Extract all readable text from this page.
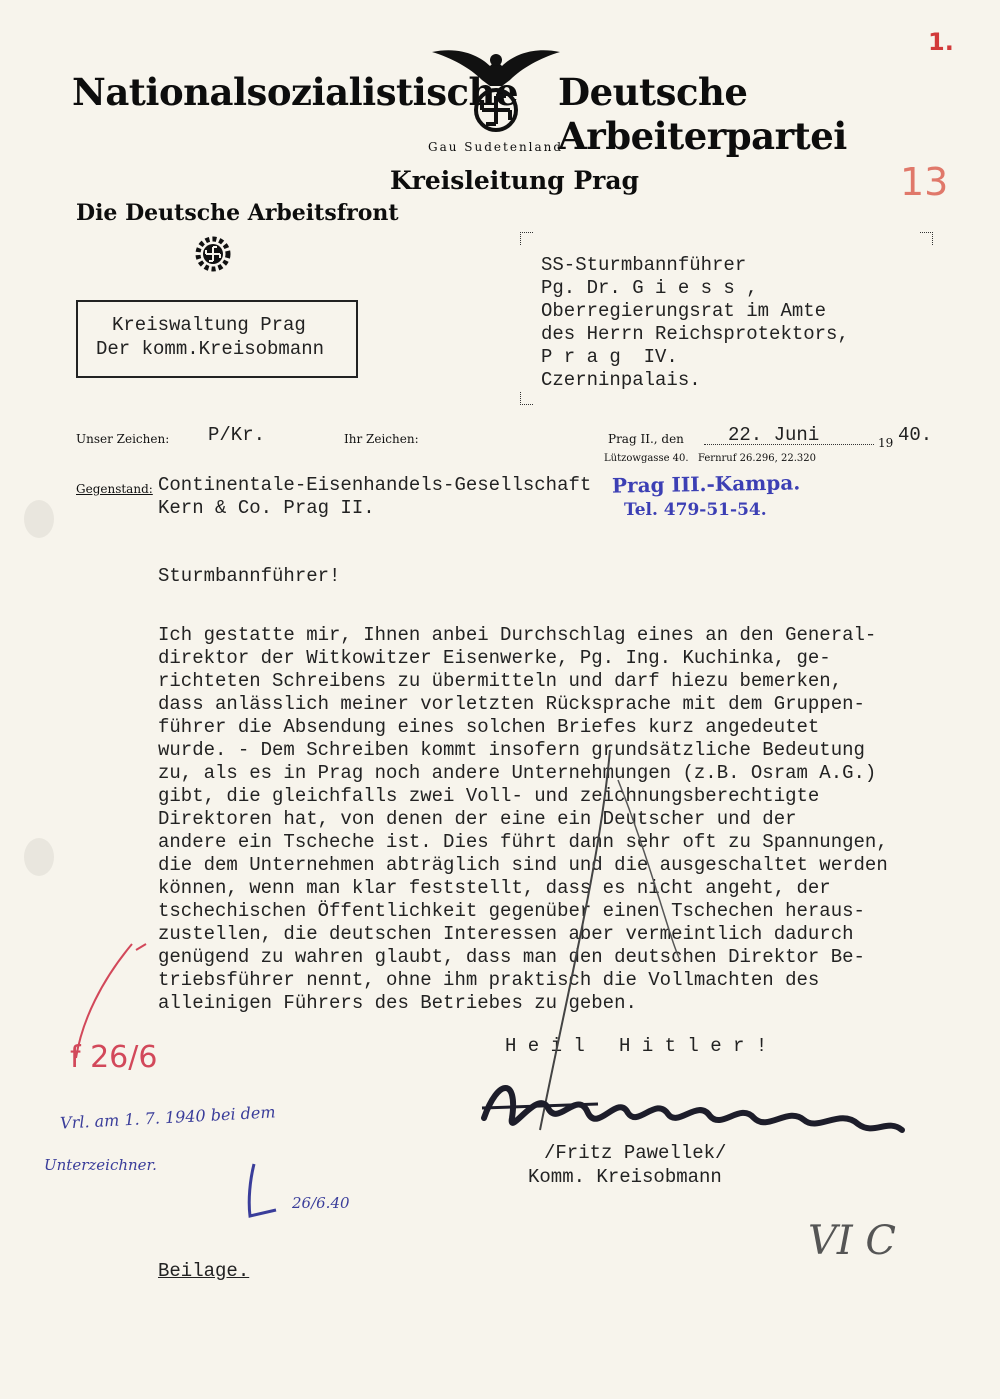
Nationalsozialistische Deutsche Arbeiterpartei
Gau Sudetenland
Kreisleitung Prag
1.
13
Die Deutsche Arbeitsfront
Kreiswaltung Prag
Der komm.Kreisobmann
SS-Sturmbannführer
Pg. Dr. G i e s s ,
Oberregierungsrat im Amte
des Herrn Reichsprotektors,
P r a g  IV.
Czerninpalais.
Unser Zeichen: P/Kr.	Ihr Zeichen:	Prag II., den 22. Juni	19 40.
Lützowgasse 40. Fernruf 26.296, 22.320
Gegenstand: Continentale-Eisenhandels-Gesellschaft
Kern & Co. Prag II.
Prag III.-Kampa.
Tel. 479-51-54.
Sturmbannführer!
Ich gestatte mir, Ihnen anbei Durchschlag eines an den General-
direktor der Witkowitzer Eisenwerke, Pg. Ing. Kuchinka, ge-
richteten Schreibens zu übermitteln und darf hiezu bemerken,
dass anlässlich meiner vorletzten Rücksprache mit dem Gruppen-
führer die Absendung eines solchen Briefes kurz angedeutet
wurde. - Dem Schreiben kommt insofern grundsätzliche Bedeutung
zu, als es in Prag noch andere Unternehmungen (z.B. Osram A.G.)
gibt, die gleichfalls zwei Voll- und zeichnungsberechtigte
Direktoren hat, von denen der eine ein Deutscher und der
andere ein Tscheche ist. Dies führt dann sehr oft zu Spannungen,
die dem Unternehmen abträglich sind und die ausgeschaltet werden
können, wenn man klar feststellt, dass es nicht angeht, der
tschechischen Öffentlichkeit gegenüber einen Tschechen heraus-
zustellen, die deutschen Interessen aber vermeintlich dadurch
genügend zu wahren glaubt, dass man den deutschen Direktor Be-
triebsführer nennt, ohne ihm praktisch die Vollmachten des
alleinigen Führers des Betriebes zu geben.
H e i l   H i t l e r !
/Fritz Pawellek/
Komm. Kreisobmann
Beilage.
f 26/6
Vrl. am 1. 7. 1940 bei dem
Unterzeichner.
26/6.40
VI C
